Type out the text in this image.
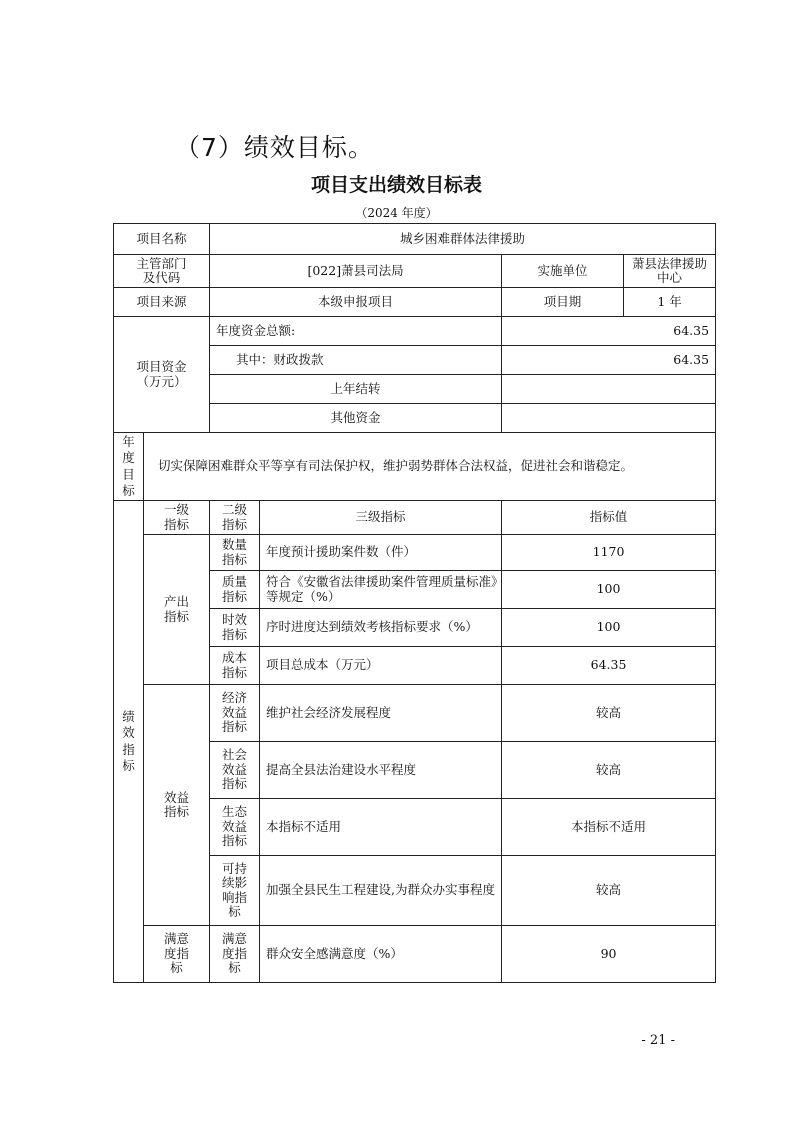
（7）绩效目标。
项目支出绩效目标表
（2024 年度）
项目名称		城乡困难群体法律援助			
主管部门
及代码		[022]萧县司法局		实施单位	萧县法律援助中心
项目来源		本级申报项目		项目期	1 年
项目资金
（万元）		年度资金总额:		64.35	
		其中：财政拨款		64.35	
		上年结转			
		其他资金			
年度目标	切实保障困难群众平等享有司法保护权，维护弱势群体合法权益，促进社会和谐稳定。				
绩效指标	一级指标	二级指标	三级指标	指标值	
	产出指标	数量指标	年度预计援助案件数（件）	1170	
		质量指标	符合《安徽省法律援助案件管理质量标准》等规定（%）	100	
		时效指标	序时进度达到绩效考核指标要求（%）	100	
		成本指标	项目总成本（万元）	64.35	
	效益指标	经济效益指标	维护社会经济发展程度	较高	
		社会效益指标	提高全县法治建设水平程度	较高	
		生态效益指标	本指标不适用	本指标不适用	
		可持续影响指标	加强全县民生工程建设,为群众办实事程度	较高	
	满意度指标	满意度指标	群众安全感满意度（%）	90	
- 21 -
